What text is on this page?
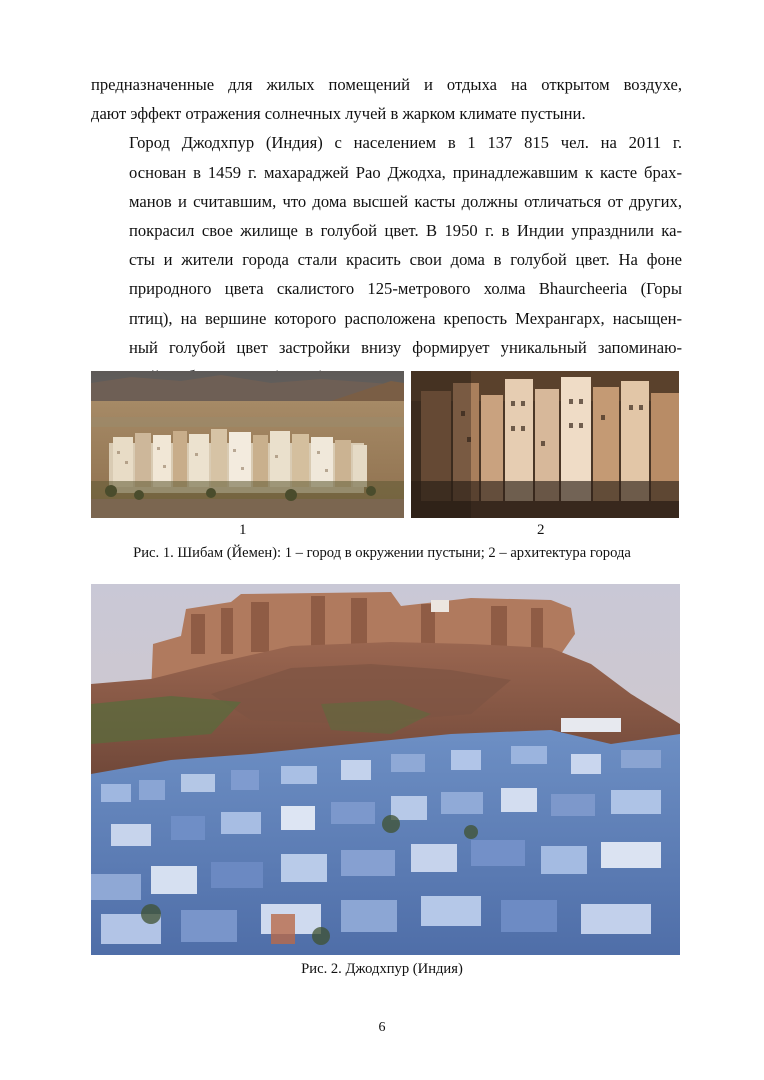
предназначенные для жилых помещений и отдыха на открытом воздухе,
дают эффект отражения солнечных лучей в жарком климате пустыни.

Город Джодхпур (Индия) с населением в 1 137 815 чел. на 2011 г.
основан в 1459 г. махараджей Рао Джодха, принадлежавшим к касте брах-
манов и считавшим, что дома высшей касты должны отличаться от других,
покрасил свое жилище в голубой цвет. В 1950 г. в Индии упразднили ка-
сты и жители города стали красить свои дома в голубой цвет. На фоне
природного цвета скалистого 125-метрового холма Bhaurcheeria (Горы
птиц), на вершине которого расположена крепость Мехрангарх, насыщен-
ный голубой цвет застройки внизу формирует уникальный запоминаю-

1	2
Рис. 1. Шибам (Йемен): 1 – город в окружении пустыни; 2 – архитектура города
Рис. 2. Джодхпур (Индия)
6
